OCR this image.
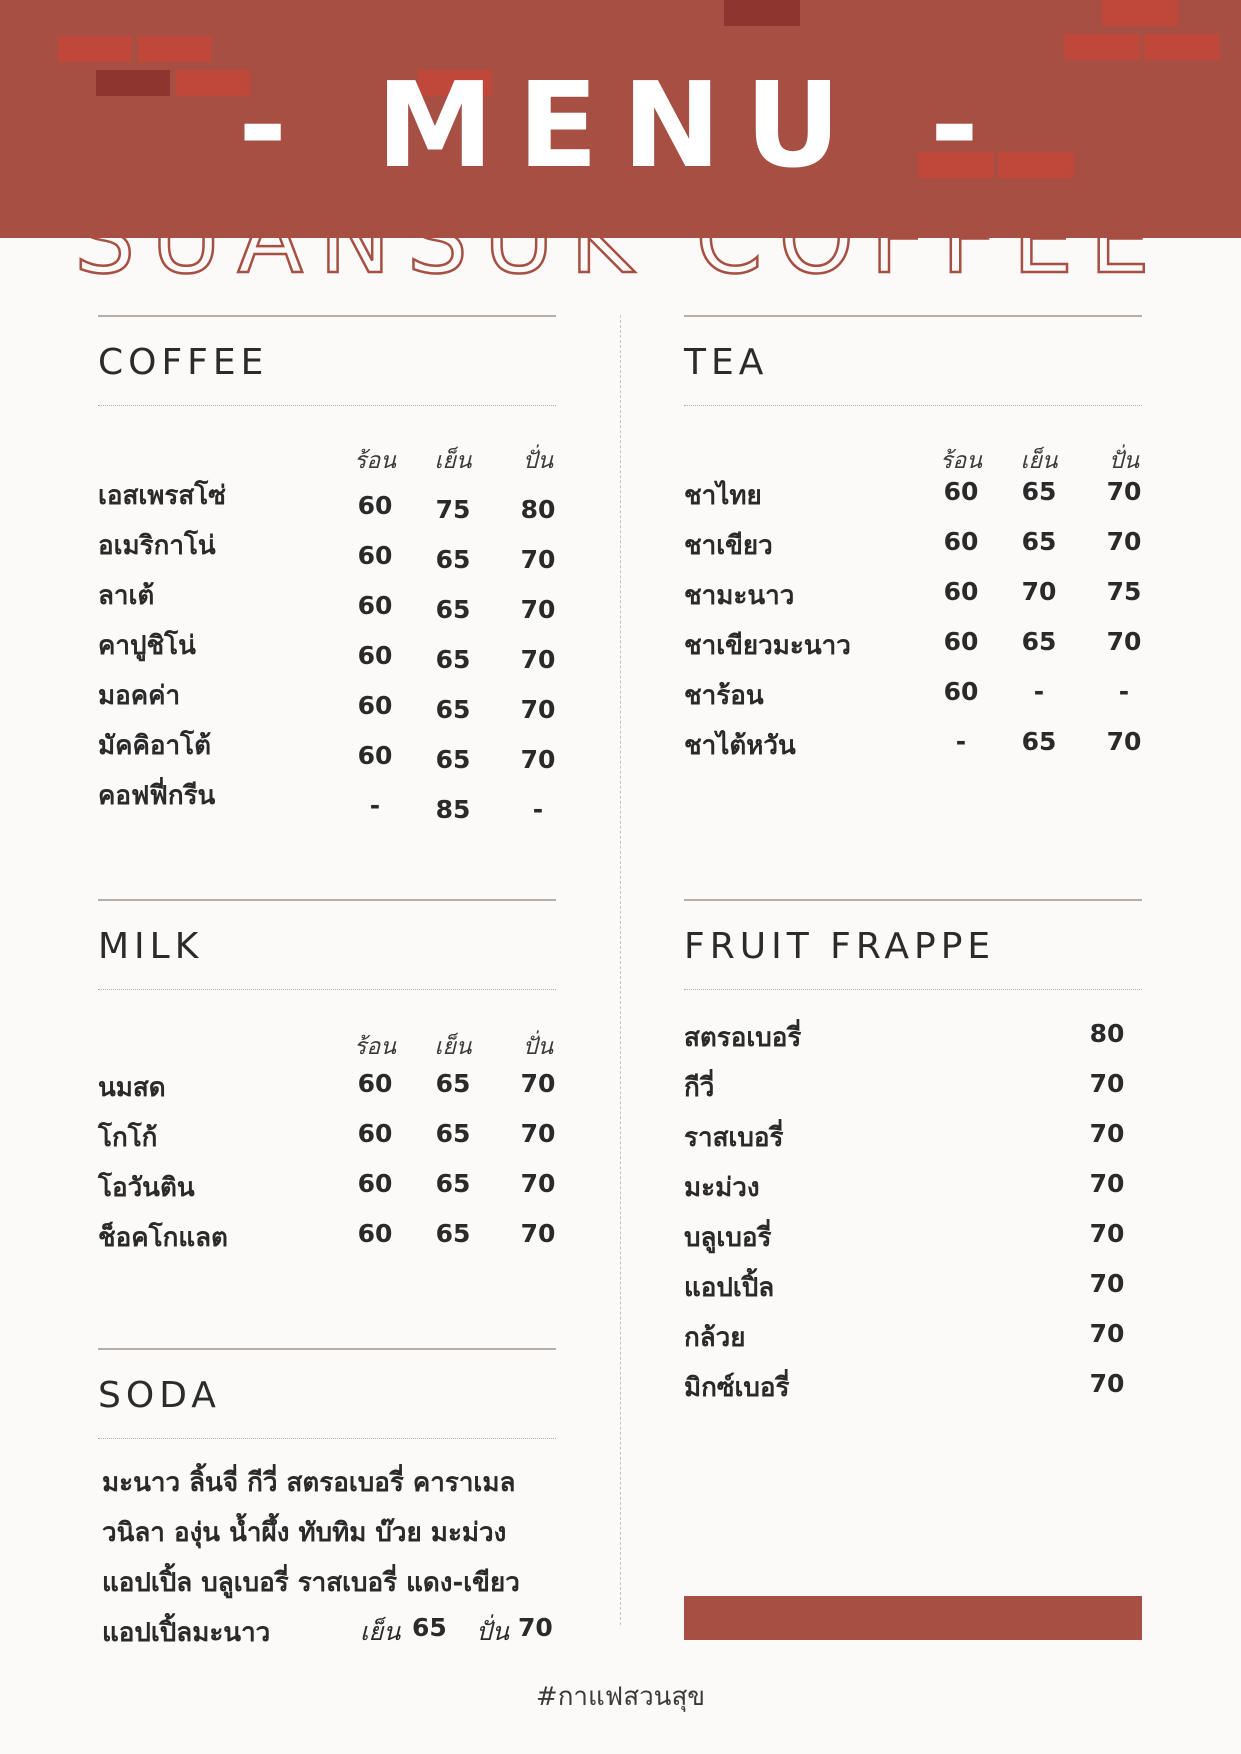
- MENU -
SUANSUK COFFEE
COFFEE
ร้อน	เย็น	ปั่น
เอสเพรสโซ่	60	75	80
อเมริกาโน่	60	65	70
ลาเต้	60	65	70
คาปูชิโน่	60	65	70
มอคค่า	60	65	70
มัคคิอาโต้	60	65	70
คอฟฟี่กรีน	-	85	-
TEA
ร้อน	เย็น	ปั่น
ชาไทย	60	65	70
ชาเขียว	60	65	70
ชามะนาว	60	70	75
ชาเขียวมะนาว	60	65	70
ชาร้อน	60	-	-
ชาไต้หวัน	-	65	70
MILK
ร้อน	เย็น	ปั่น
นมสด	60	65	70
โกโก้	60	65	70
โอวันติน	60	65	70
ช็อคโกแลต	60	65	70
FRUIT FRAPPE
สตรอเบอรี่	80
กีวี่	70
ราสเบอรี่	70
มะม่วง	70
บลูเบอรี่	70
แอปเปิ้ล	70
กล้วย	70
มิกซ์เบอรี่	70
SODA
มะนาว ลิ้นจี่ กีวี่ สตรอเบอรี่ คาราเมล
วนิลา องุ่น น้ำผึ้ง ทับทิม บ๊วย มะม่วง
แอปเปิ้ล บลูเบอรี่ ราสเบอรี่ แดง-เขียว
แอปเปิ้ลมะนาว	เย็น 65 ปั่น 70
#กาแฟสวนสุข
